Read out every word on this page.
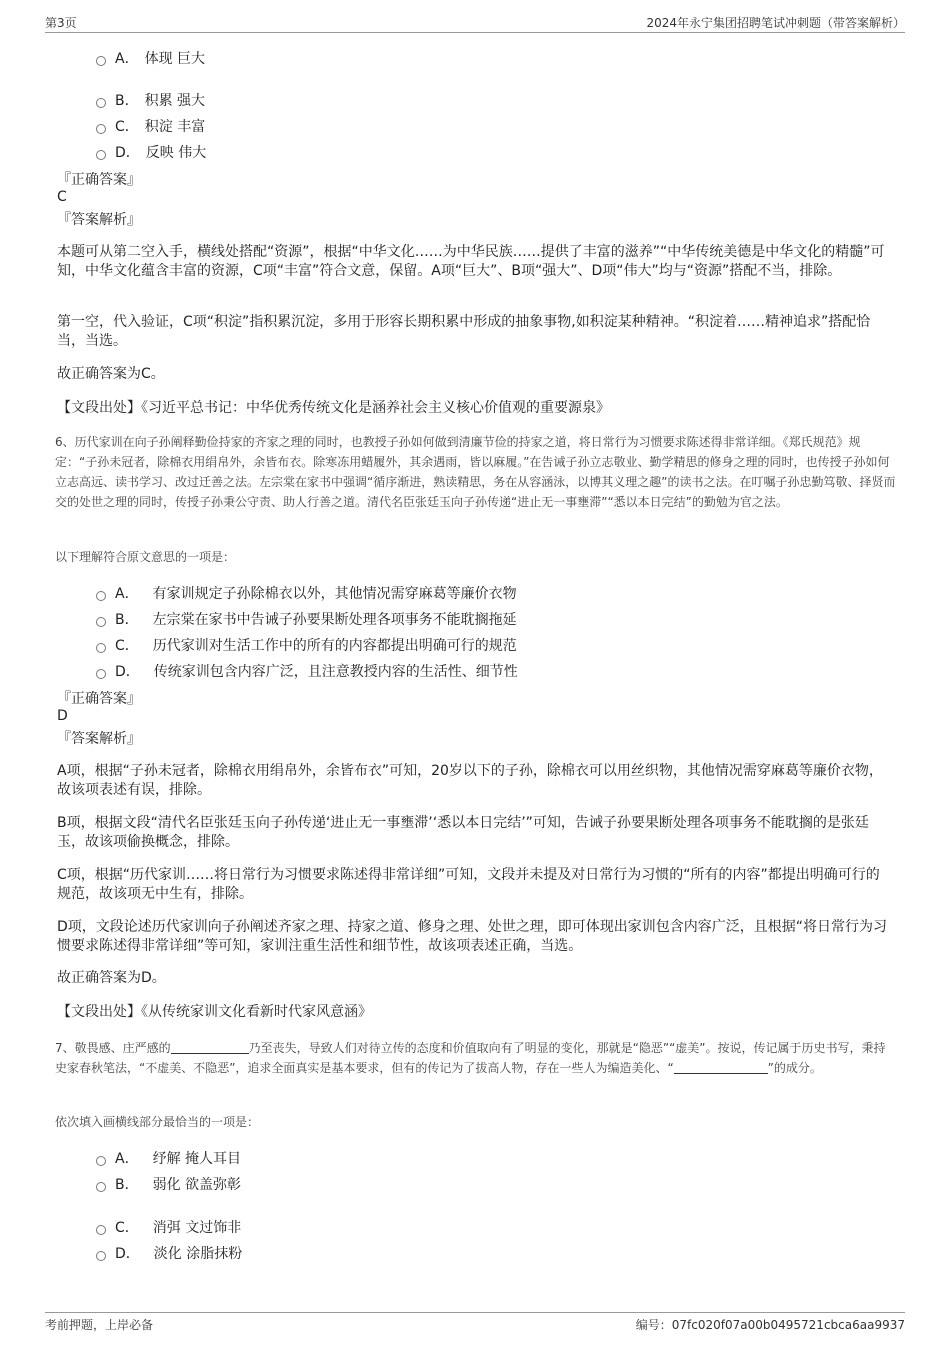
第3页	2024年永宁集团招聘笔试冲刺题（带答案解析）
A． 体现 巨大
B． 积累 强大
C． 积淀 丰富
D． 反映 伟大
『正确答案』
C
『答案解析』
本题可从第二空入手，横线处搭配“资源”，根据“中华文化……为中华民族……提供了丰富的滋养”“中华传统美德是中华文化的精髓”可知，中华文化蕴含丰富的资源，C项“丰富”符合文意，保留。A项“巨大”、B项“强大”、D项“伟大”均与“资源”搭配不当，排除。
第一空，代入验证，C项“积淀”指积累沉淀，多用于形容长期积累中形成的抽象事物,如积淀某种精神。“积淀着……精神追求”搭配恰当，当选。
故正确答案为C。
【文段出处】《习近平总书记：中华优秀传统文化是涵养社会主义核心价值观的重要源泉》
6、历代家训在向子孙阐释勤俭持家的齐家之理的同时，也教授子孙如何做到清廉节俭的持家之道，将日常行为习惯要求陈述得非常详细。《郑氏规范》规定：“子孙未冠者，除棉衣用绢帛外，余皆布衣。除寒冻用蜡履外，其余遇雨，皆以麻履。”在告诫子孙立志敬业、勤学精思的修身之理的同时，也传授子孙如何立志高远、读书学习、改过迁善之法。左宗棠在家书中强调“循序渐进，熟读精思，务在从容涵泳，以博其义理之趣”的读书之法。在叮嘱子孙忠勤笃敬、择贤而交的处世之理的同时，传授子孙秉公守责、助人行善之道。清代名臣张廷玉向子孙传递“进止无一事壅滞”“悉以本日完结”的勤勉为官之法。
以下理解符合原文意思的一项是：
A． 有家训规定子孙除棉衣以外，其他情况需穿麻葛等廉价衣物
B． 左宗棠在家书中告诫子孙要果断处理各项事务不能耽搁拖延
C． 历代家训对生活工作中的所有的内容都提出明确可行的规范
D． 传统家训包含内容广泛，且注意教授内容的生活性、细节性
『正确答案』
D
『答案解析』
A项，根据“子孙未冠者，除棉衣用绢帛外，余皆布衣”可知，20岁以下的子孙，除棉衣可以用丝织物，其他情况需穿麻葛等廉价衣物，故该项表述有误，排除。
B项，根据文段“清代名臣张廷玉向子孙传递‘进止无一事壅滞’‘悉以本日完结’”可知，告诫子孙要果断处理各项事务不能耽搁的是张廷玉，故该项偷换概念，排除。
C项，根据“历代家训……将日常行为习惯要求陈述得非常详细”可知，文段并未提及对日常行为习惯的“所有的内容”都提出明确可行的规范，故该项无中生有，排除。
D项，文段论述历代家训向子孙阐述齐家之理、持家之道、修身之理、处世之理，即可体现出家训包含内容广泛，且根据“将日常行为习惯要求陈述得非常详细”等可知，家训注重生活性和细节性，故该项表述正确，当选。
故正确答案为D。
【文段出处】《从传统家训文化看新时代家风意涵》
7、敬畏感、庄严感的	乃至丧失，导致人们对待立传的态度和价值取向有了明显的变化，那就是“隐恶”“虚美”。按说，传记属于历史书写，秉持史家春秋笔法，“不虚美、不隐恶”，追求全面真实是基本要求，但有的传记为了拔高人物，存在一些人为编造美化、“	”的成分。
依次填入画横线部分最恰当的一项是：
A． 纾解 掩人耳目
B． 弱化 欲盖弥彰
C． 消弭 文过饰非
D． 淡化 涂脂抹粉
考前押题，上岸必备	编号：07fc020f07a00b0495721cbca6aa9937
